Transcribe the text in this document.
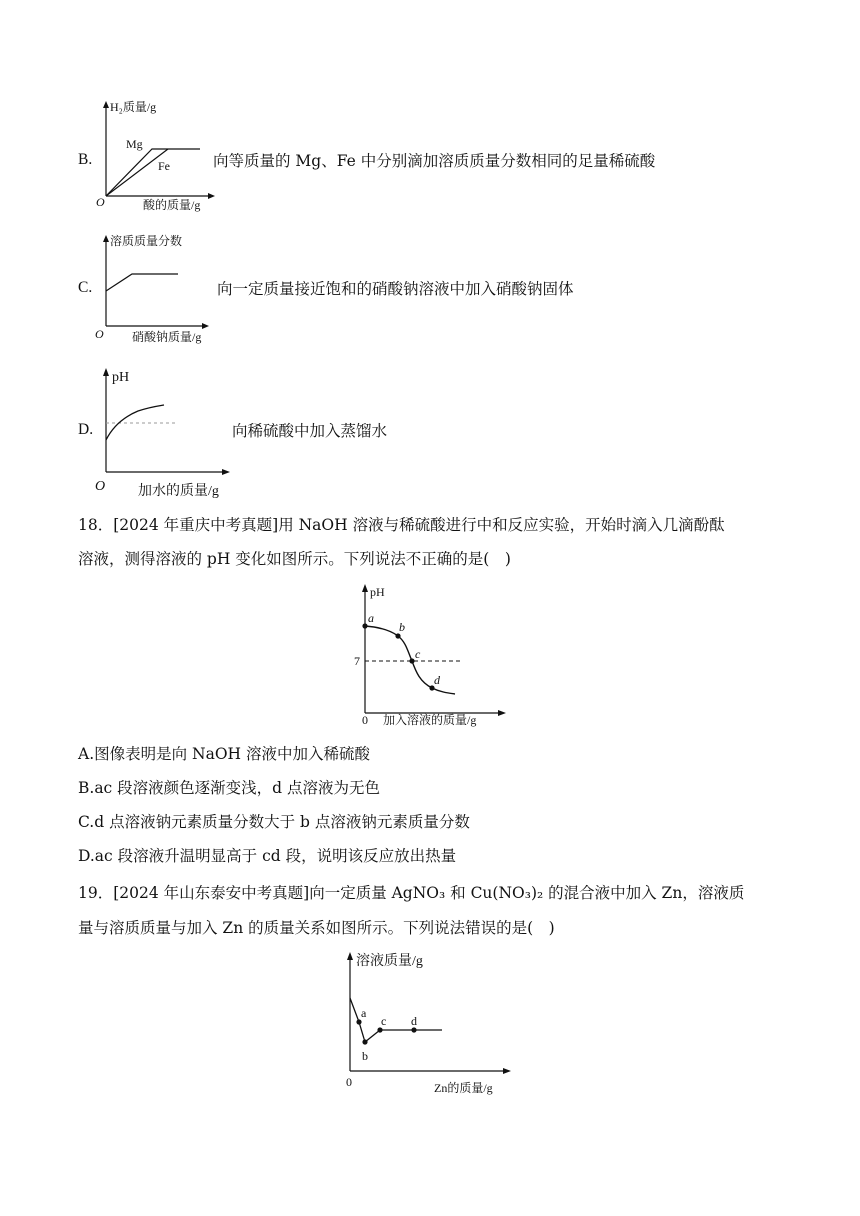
B.
H₂质量/g
酸的质量/g
O
Mg
Fe	向等质量的 Mg、Fe 中分别滴加溶质质量分数相同的足量稀硫酸
C.
溶质质量分数
硝酸钠质量/g
O
向一定质量接近饱和的硝酸钠溶液中加入硝酸钠固体
D.
pH
加水的质量/g
O
向稀硫酸中加入蒸馏水
18．[2024 年重庆中考真题]用 NaOH 溶液与稀硫酸进行中和反应实验，开始时滴入几滴酚酞
溶液，测得溶液的 pH 变化如图所示。下列说法不正确的是(　)
pH
加入溶液的质量/g
0
7
a
b
c
d
A.图像表明是向 NaOH 溶液中加入稀硫酸
B.ac 段溶液颜色逐渐变浅，d 点溶液为无色
C.d 点溶液钠元素质量分数大于 b 点溶液钠元素质量分数
D.ac 段溶液升温明显高于 cd 段，说明该反应放出热量
19．[2024 年山东泰安中考真题]向一定质量 AgNO₃ 和 Cu(NO₃)₂ 的混合液中加入 Zn，溶液质
量与溶质质量与加入 Zn 的质量关系如图所示。下列说法错误的是(　)
溶液质量/g
Zn的质量/g
0
a
b
c d
